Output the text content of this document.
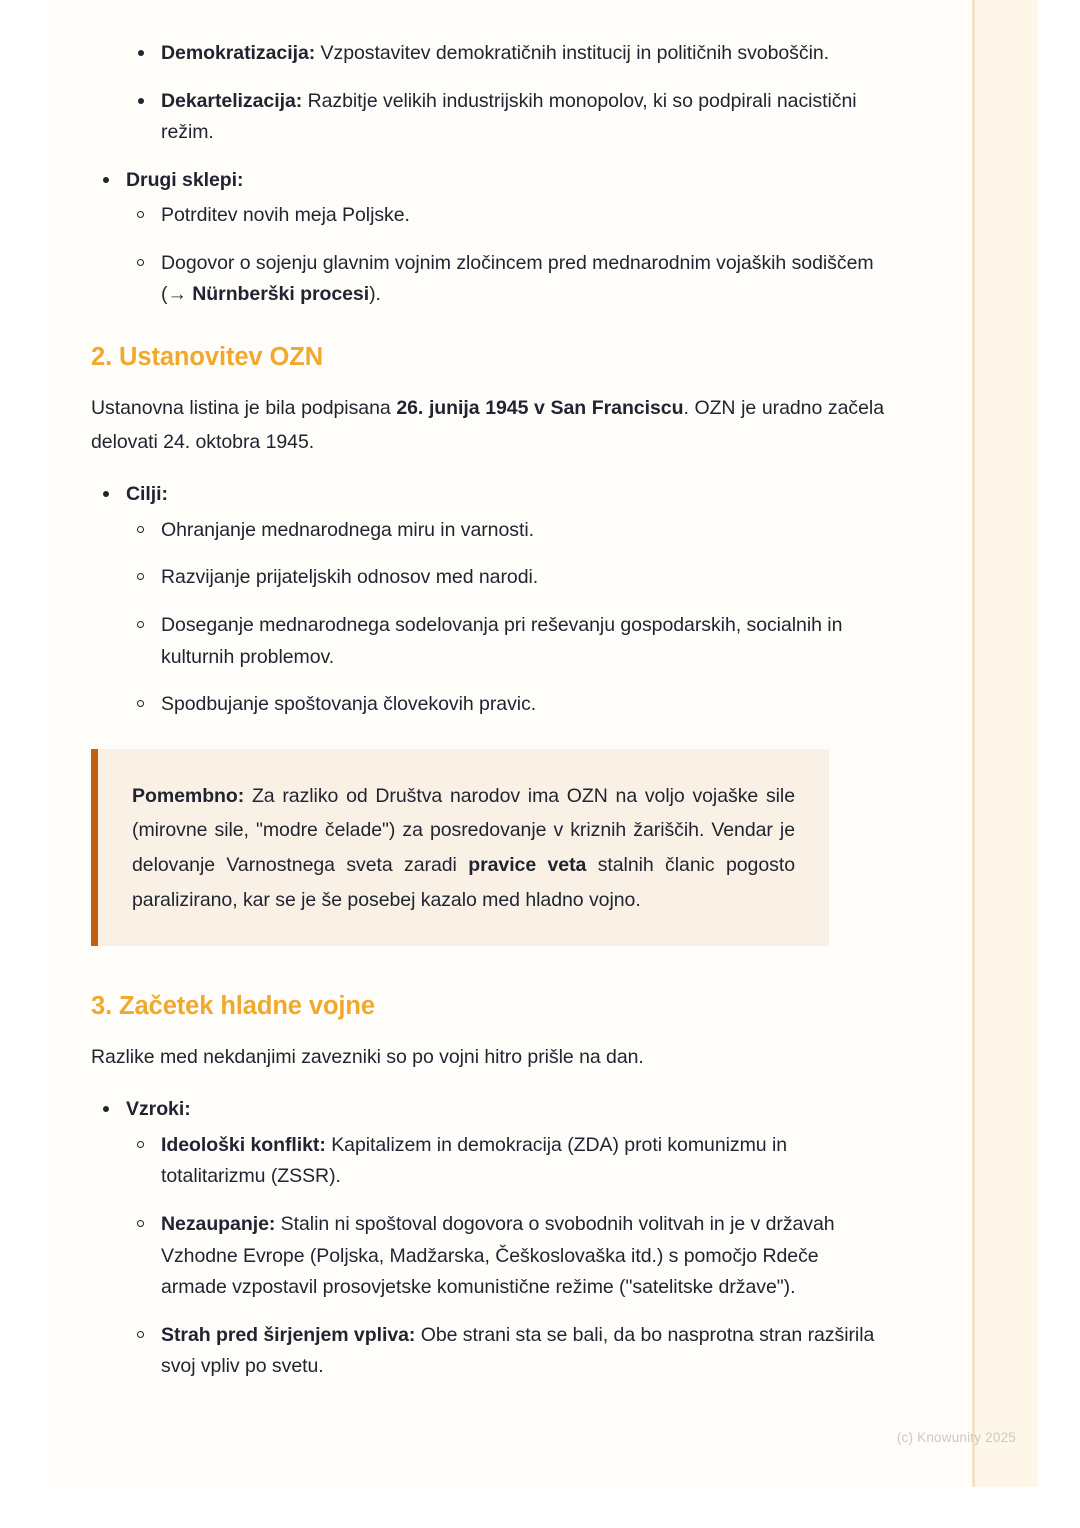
Demokratizacija: Vzpostavitev demokratičnih institucij in političnih svoboščin.
Dekartelizacija: Razbitje velikih industrijskih monopolov, ki so podpirali nacistični režim.
Drugi sklepi:
Potrditev novih meja Poljske.
Dogovor o sojenju glavnim vojnim zločincem pred mednarodnim vojaških sodiščem (→ Nürnberški procesi).
2. Ustanovitev OZN

Ustanovna listina je bila podpisana 26. junija 1945 v San Franciscu. OZN je uradno začela delovati 24. oktobra 1945.

Cilji:
Ohranjanje mednarodnega miru in varnosti.
Razvijanje prijateljskih odnosov med narodi.
Doseganje mednarodnega sodelovanja pri reševanju gospodarskih, socialnih in kulturnih problemov.
Spodbujanje spoštovanja človekovih pravic.

Pomembno: Za razliko od Društva narodov ima OZN na voljo vojaške sile (mirovne sile, "modre čelade") za posredovanje v kriznih žariščih. Vendar je delovanje Varnostnega sveta zaradi pravice veta stalnih članic pogosto paralizirano, kar se je še posebej kazalo med hladno vojno.

3. Začetek hladne vojne

Razlike med nekdanjimi zavezniki so po vojni hitro prišle na dan.

Vzroki:
Ideološki konflikt: Kapitalizem in demokracija (ZDA) proti komunizmu in totalitarizmu (ZSSR).
Nezaupanje: Stalin ni spoštoval dogovora o svobodnih volitvah in je v državah Vzhodne Evrope (Poljska, Madžarska, Češkoslovaška itd.) s pomočjo Rdeče armade vzpostavil prosovjetske komunistične režime ("satelitske države").
Strah pred širjenjem vpliva: Obe strani sta se bali, da bo nasprotna stran razširila svoj vpliv po svetu.
(c) Knowunity 2025
